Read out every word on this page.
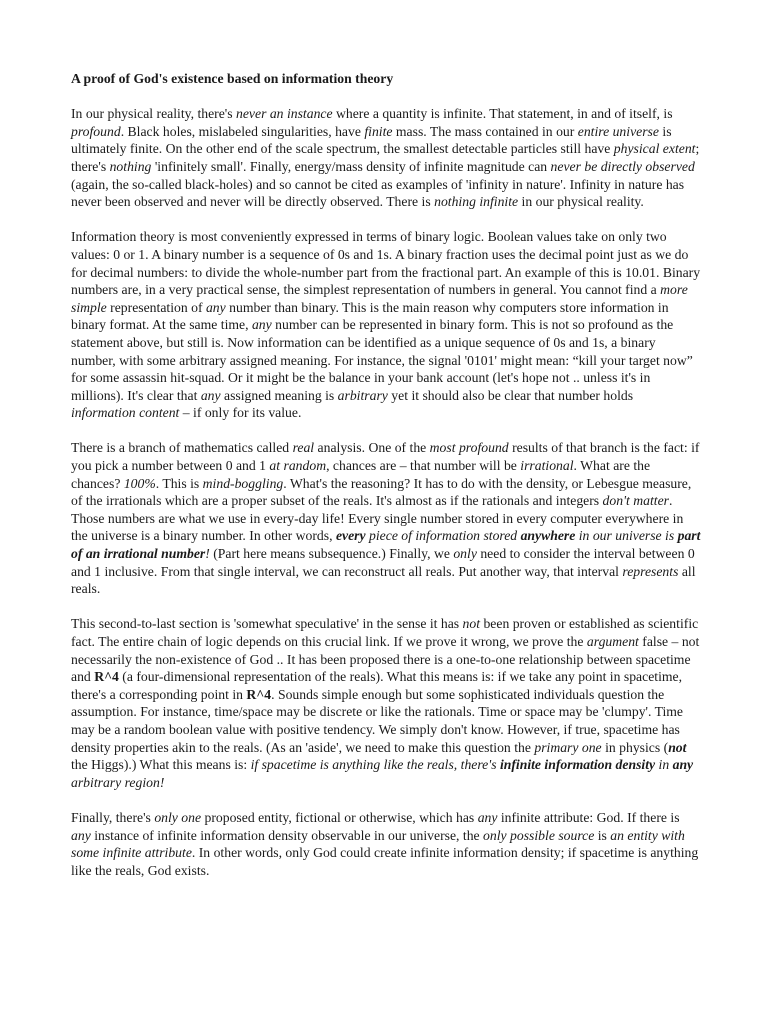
A proof of God's existence based on information theory

In our physical reality, there's never an instance where a quantity is infinite. That statement, in and of itself, is profound. Black holes, mislabeled singularities, have finite mass. The mass contained in our entire universe is ultimately finite. On the other end of the scale spectrum, the smallest detectable particles still have physical extent; there's nothing 'infinitely small'. Finally, energy/mass density of infinite magnitude can never be directly observed (again, the so-called black-holes) and so cannot be cited as examples of 'infinity in nature'. Infinity in nature has never been observed and never will be directly observed. There is nothing infinite in our physical reality.

Information theory is most conveniently expressed in terms of binary logic. Boolean values take on only two values: 0 or 1. A binary number is a sequence of 0s and 1s. A binary fraction uses the decimal point just as we do for decimal numbers: to divide the whole-number part from the fractional part. An example of this is 10.01. Binary numbers are, in a very practical sense, the simplest representation of numbers in general. You cannot find a more simple representation of any number than binary. This is the main reason why computers store information in binary format. At the same time, any number can be represented in binary form. This is not so profound as the statement above, but still is. Now information can be identified as a unique sequence of 0s and 1s, a binary number, with some arbitrary assigned meaning. For instance, the signal '0101' might mean: “kill your target now” for some assassin hit-squad. Or it might be the balance in your bank account (let's hope not .. unless it's in millions). It's clear that any assigned meaning is arbitrary yet it should also be clear that number holds information content – if only for its value.

There is a branch of mathematics called real analysis. One of the most profound results of that branch is the fact: if you pick a number between 0 and 1 at random, chances are – that number will be irrational. What are the chances? 100%. This is mind-boggling. What's the reasoning? It has to do with the density, or Lebesgue measure, of the irrationals which are a proper subset of the reals. It's almost as if the rationals and integers don't matter. Those numbers are what we use in every-day life! Every single number stored in every computer everywhere in the universe is a binary number. In other words, every piece of information stored anywhere in our universe is part of an irrational number! (Part here means subsequence.) Finally, we only need to consider the interval between 0 and 1 inclusive. From that single interval, we can reconstruct all reals. Put another way, that interval represents all reals.

This second-to-last section is 'somewhat speculative' in the sense it has not been proven or established as scientific fact. The entire chain of logic depends on this crucial link. If we prove it wrong, we prove the argument false – not necessarily the non-existence of God .. It has been proposed there is a one-to-one relationship between spacetime and R^4 (a four-dimensional representation of the reals). What this means is: if we take any point in spacetime, there's a corresponding point in R^4. Sounds simple enough but some sophisticated individuals question the assumption. For instance, time/space may be discrete or like the rationals. Time or space may be 'clumpy'. Time may be a random boolean value with positive tendency. We simply don't know. However, if true, spacetime has density properties akin to the reals. (As an 'aside', we need to make this question the primary one in physics (not the Higgs).) What this means is: if spacetime is anything like the reals, there's infinite information density in any arbitrary region!

Finally, there's only one proposed entity, fictional or otherwise, which has any infinite attribute: God. If there is any instance of infinite information density observable in our universe, the only possible source is an entity with some infinite attribute. In other words, only God could create infinite information density; if spacetime is anything like the reals, God exists.
